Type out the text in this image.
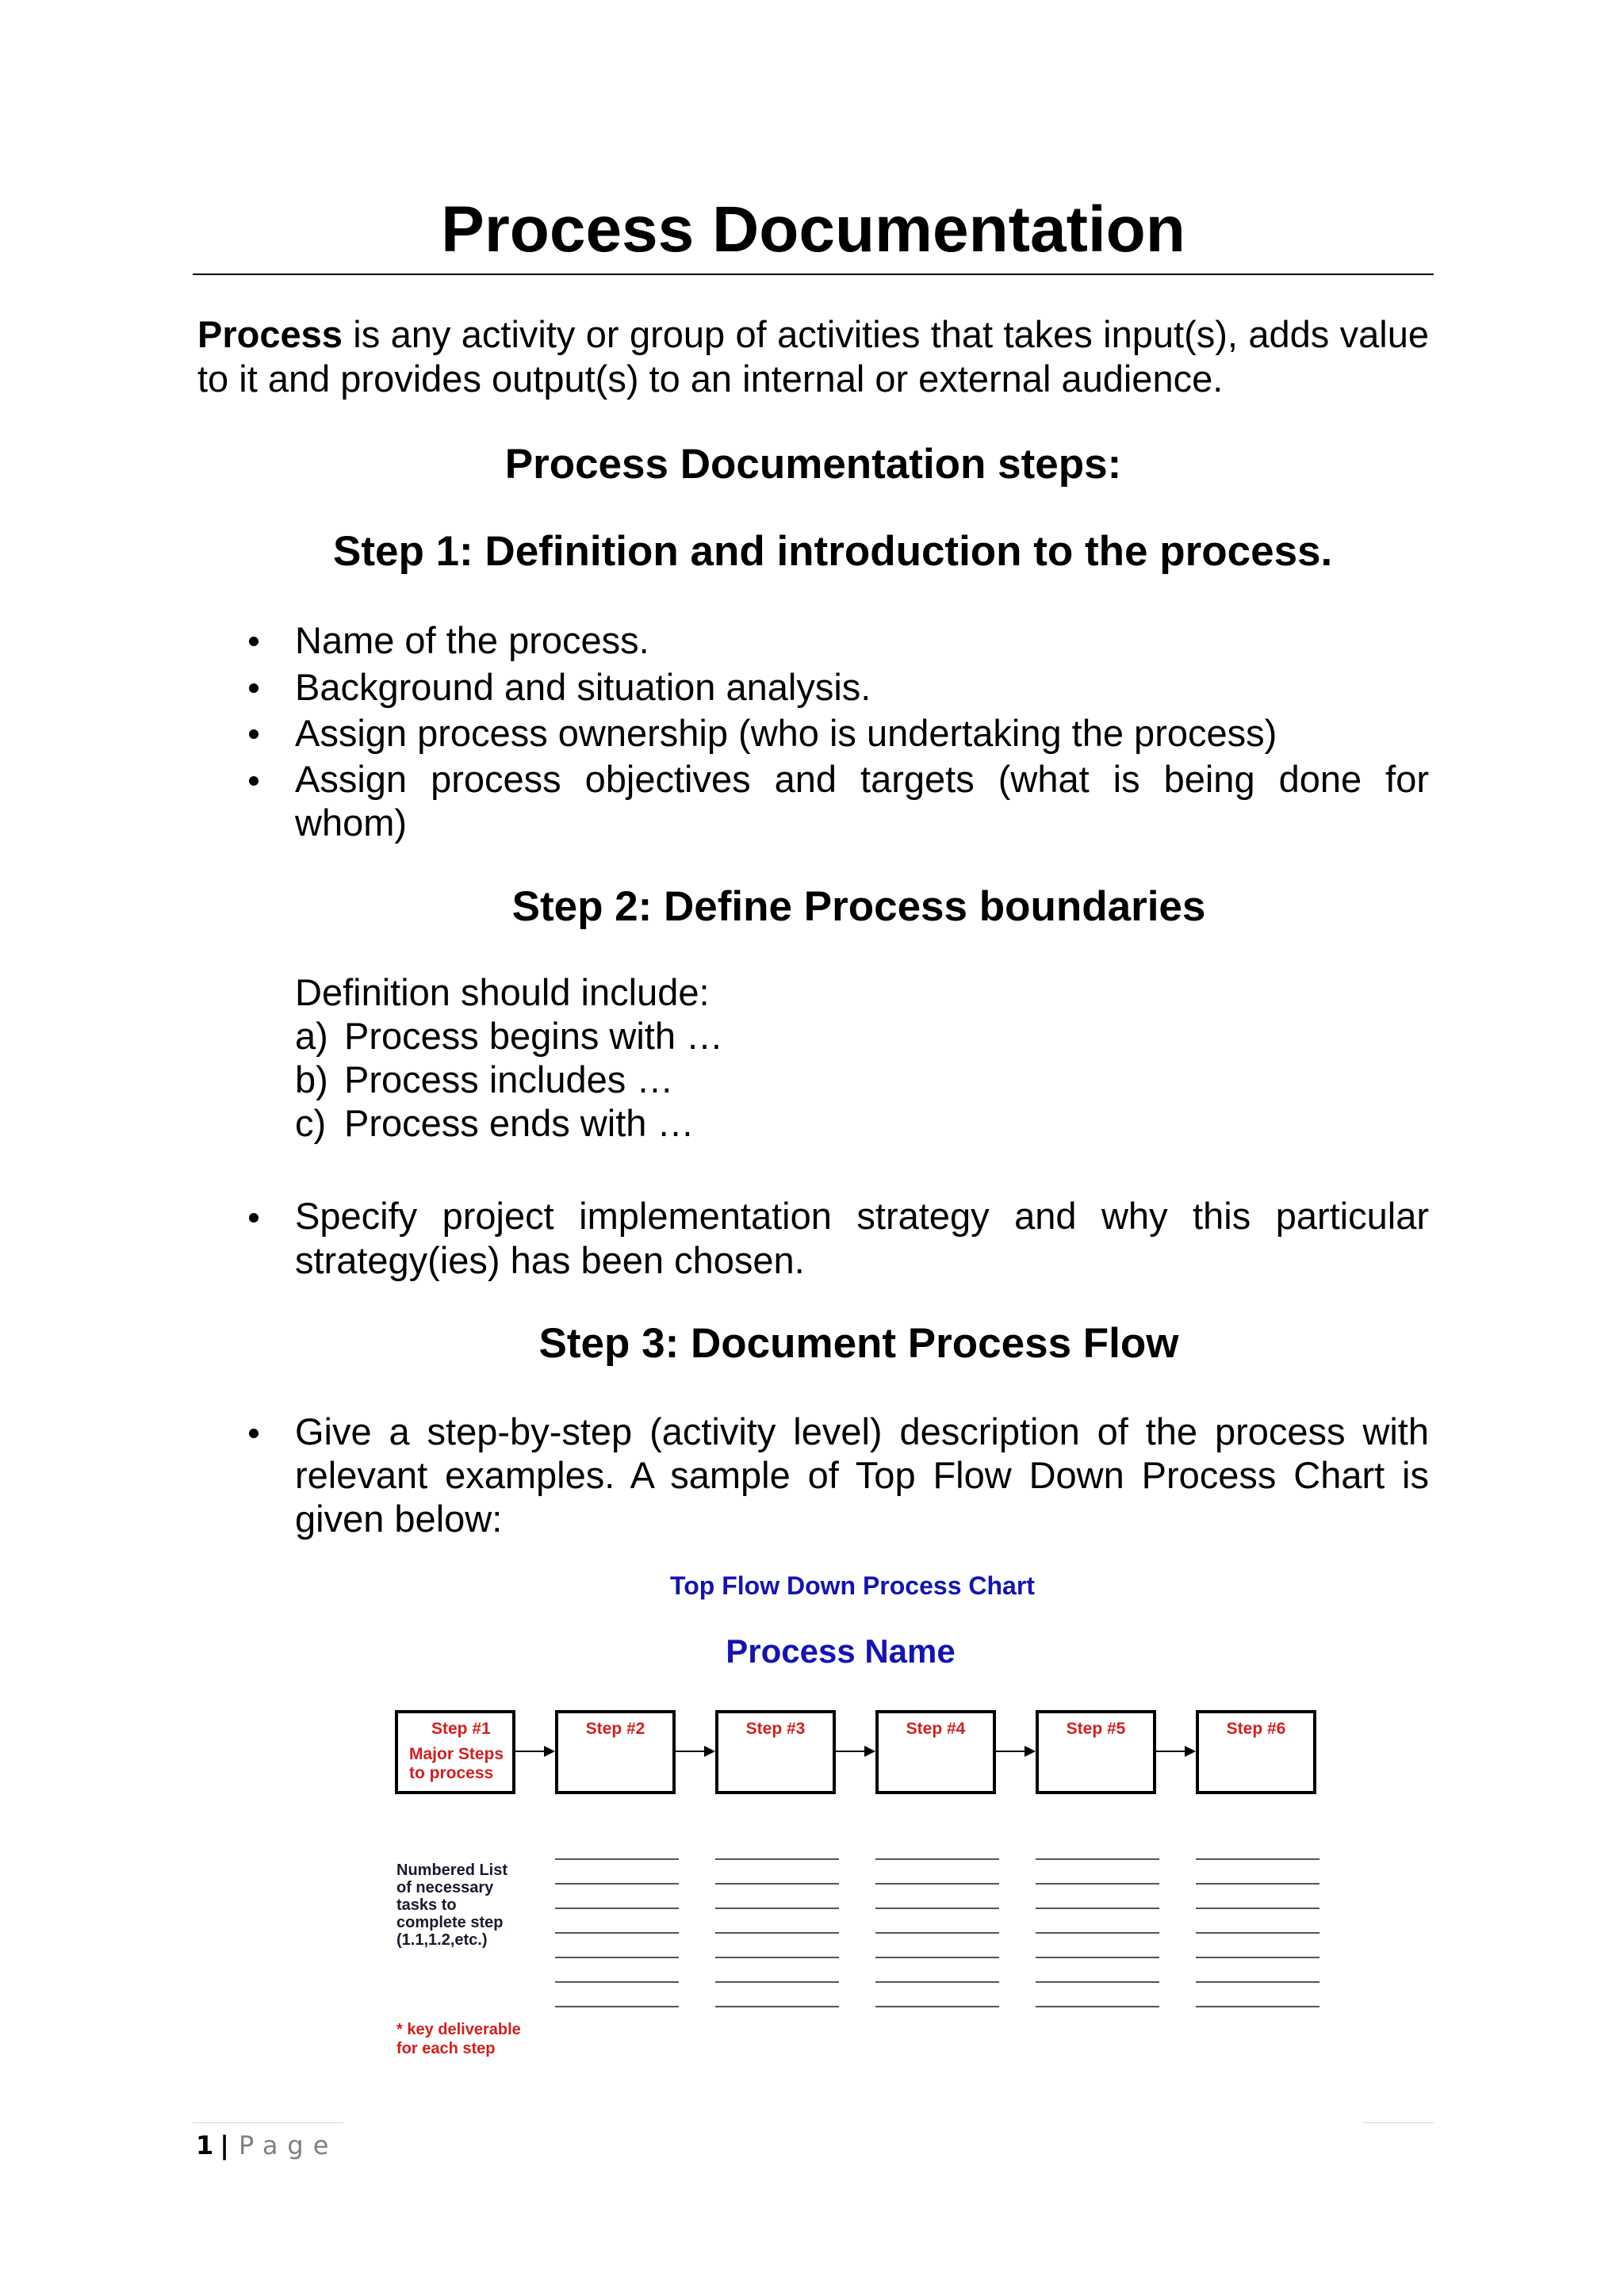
Process Documentation
Process is any activity or group of activities that takes input(s), adds value to it and provides output(s) to an internal or external audience.
Process Documentation steps:
Step 1: Definition and introduction to the process.
Name of the process.
Background and situation analysis.
Assign process ownership (who is undertaking the process)
Assign process objectives and targets (what is being done for whom)
Step 2: Define Process boundaries
Definition should include:
a) Process begins with …
b) Process includes …
c) Process ends with …
Specify project implementation strategy and why this particular strategy(ies) has been chosen.
Step 3: Document Process Flow
Give a step-by-step (activity level) description of the process with relevant examples. A sample of Top Flow Down Process Chart is given below:
Top Flow Down Process Chart
Process Name
Step #1
Major Steps
to process
Step #2	Step #3	Step #4	Step #5	Step #6
Numbered List
of necessary
tasks to
complete step
(1.1,1.2,etc.)
* key deliverable
for each step
1 | Page
